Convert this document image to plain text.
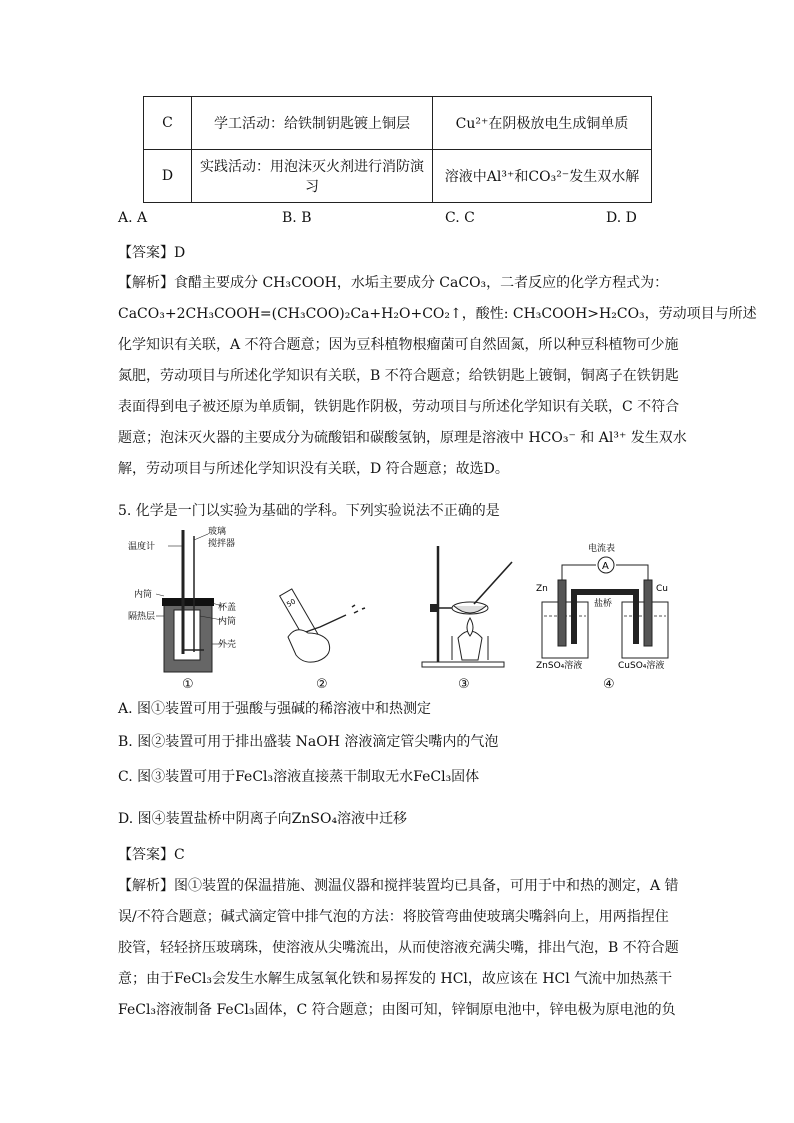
C	学工活动：给铁制钥匙镀上铜层	Cu²⁺在阴极放电生成铜单质
D	实践活动：用泡沫灭火剂进行消防演习	溶液中Al³⁺和CO₃²⁻发生双水解
A. A	B. B	C. C	D. D
【答案】D
【解析】食醋主要成分 CH₃COOH，水垢主要成分 CaCO₃，二者反应的化学方程式为：
CaCO₃+2CH₃COOH=(CH₃COO)₂Ca+H₂O+CO₂↑，酸性: CH₃COOH>H₂CO₃，劳动项目与所述
化学知识有关联，A 不符合题意；因为豆科植物根瘤菌可自然固氮，所以种豆科植物可少施
氮肥，劳动项目与所述化学知识有关联，B 不符合题意；给铁钥匙上镀铜，铜离子在铁钥匙
表面得到电子被还原为单质铜，铁钥匙作阴极，劳动项目与所述化学知识有关联，C 不符合
题意；泡沫灭火器的主要成分为硫酸铝和碳酸氢钠，原理是溶液中 HCO₃⁻ 和 Al³⁺ 发生双水
解，劳动项目与所述化学知识没有关联，D 符合题意；故选D。
5. 化学是一门以实验为基础的学科。下列实验说法不正确的是
温度计
玻璃
搅拌器
内筒
隔热层
杯盖
内筒
外壳
50
电流表
A
Zn	Cu
盐桥
ZnSO₄溶液	CuSO₄溶液
①	②	③	④
A. 图①装置可用于强酸与强碱的稀溶液中和热测定
B. 图②装置可用于排出盛装 NaOH 溶液滴定管尖嘴内的气泡
C. 图③装置可用于FeCl₃溶液直接蒸干制取无水FeCl₃固体
D. 图④装置盐桥中阴离子向ZnSO₄溶液中迁移
【答案】C
【解析】图①装置的保温措施、测温仪器和搅拌装置均已具备，可用于中和热的测定，A 错
误/不符合题意；碱式滴定管中排气泡的方法：将胶管弯曲使玻璃尖嘴斜向上，用两指捏住
胶管，轻轻挤压玻璃珠，使溶液从尖嘴流出，从而使溶液充满尖嘴，排出气泡，B 不符合题
意；由于FeCl₃会发生水解生成氢氧化铁和易挥发的 HCl，故应该在 HCl 气流中加热蒸干
FeCl₃溶液制备 FeCl₃固体，C 符合题意；由图可知，锌铜原电池中，锌电极为原电池的负
